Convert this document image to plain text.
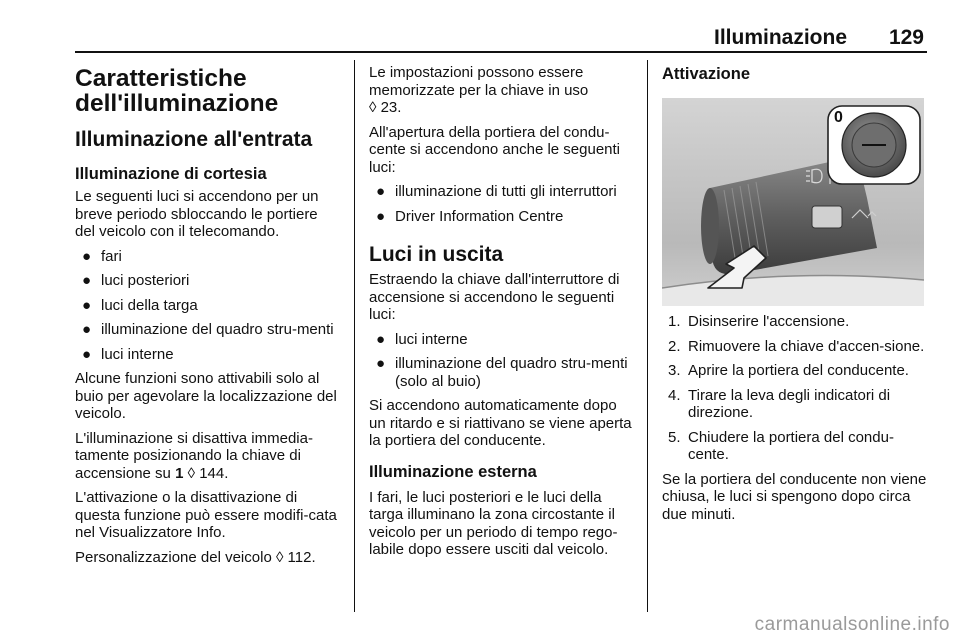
Illuminazione 129
Caratteristiche dell'illuminazione
Illuminazione all'entrata
Illuminazione di cortesia

Le seguenti luci si accendono per un breve periodo sbloccando le portiere del veicolo con il telecomando.

● fari
● luci posteriori
● luci della targa
● illuminazione del quadro stru-menti
● luci interne

Alcune funzioni sono attivabili solo al buio per agevolare la localizzazione del veicolo.

L'illuminazione si disattiva immedia-tamente posizionando la chiave di accensione su 1 ◊ 144.

L'attivazione o la disattivazione di questa funzione può essere modifi-cata nel Visualizzatore Info.

Personalizzazione del veicolo ◊ 112.

Le impostazioni possono essere memorizzate per la chiave in uso
◊ 23.

All'apertura della portiera del condu-cente si accendono anche le seguenti luci:

● illuminazione di tutti gli interruttori
● Driver Information Centre
Luci in uscita

Estraendo la chiave dall'interruttore di accensione si accendono le seguenti luci:

● luci interne
● illuminazione del quadro stru-menti (solo al buio)

Si accendono automaticamente dopo un ritardo e si riattivano se viene aperta la portiera del conducente.

Illuminazione esterna

I fari, le luci posteriori e le luci della targa illuminano la zona circostante il veicolo per un periodo di tempo rego-labile dopo essere usciti dal veicolo.

Attivazione
0
1. Disinserire l'accensione.
2. Rimuovere la chiave d'accen-sione.
3. Aprire la portiera del conducente.
4. Tirare la leva degli indicatori di direzione.
5. Chiudere la portiera del condu-cente.

Se la portiera del conducente non viene chiusa, le luci si spengono dopo circa due minuti.

carmanualsonline.info
